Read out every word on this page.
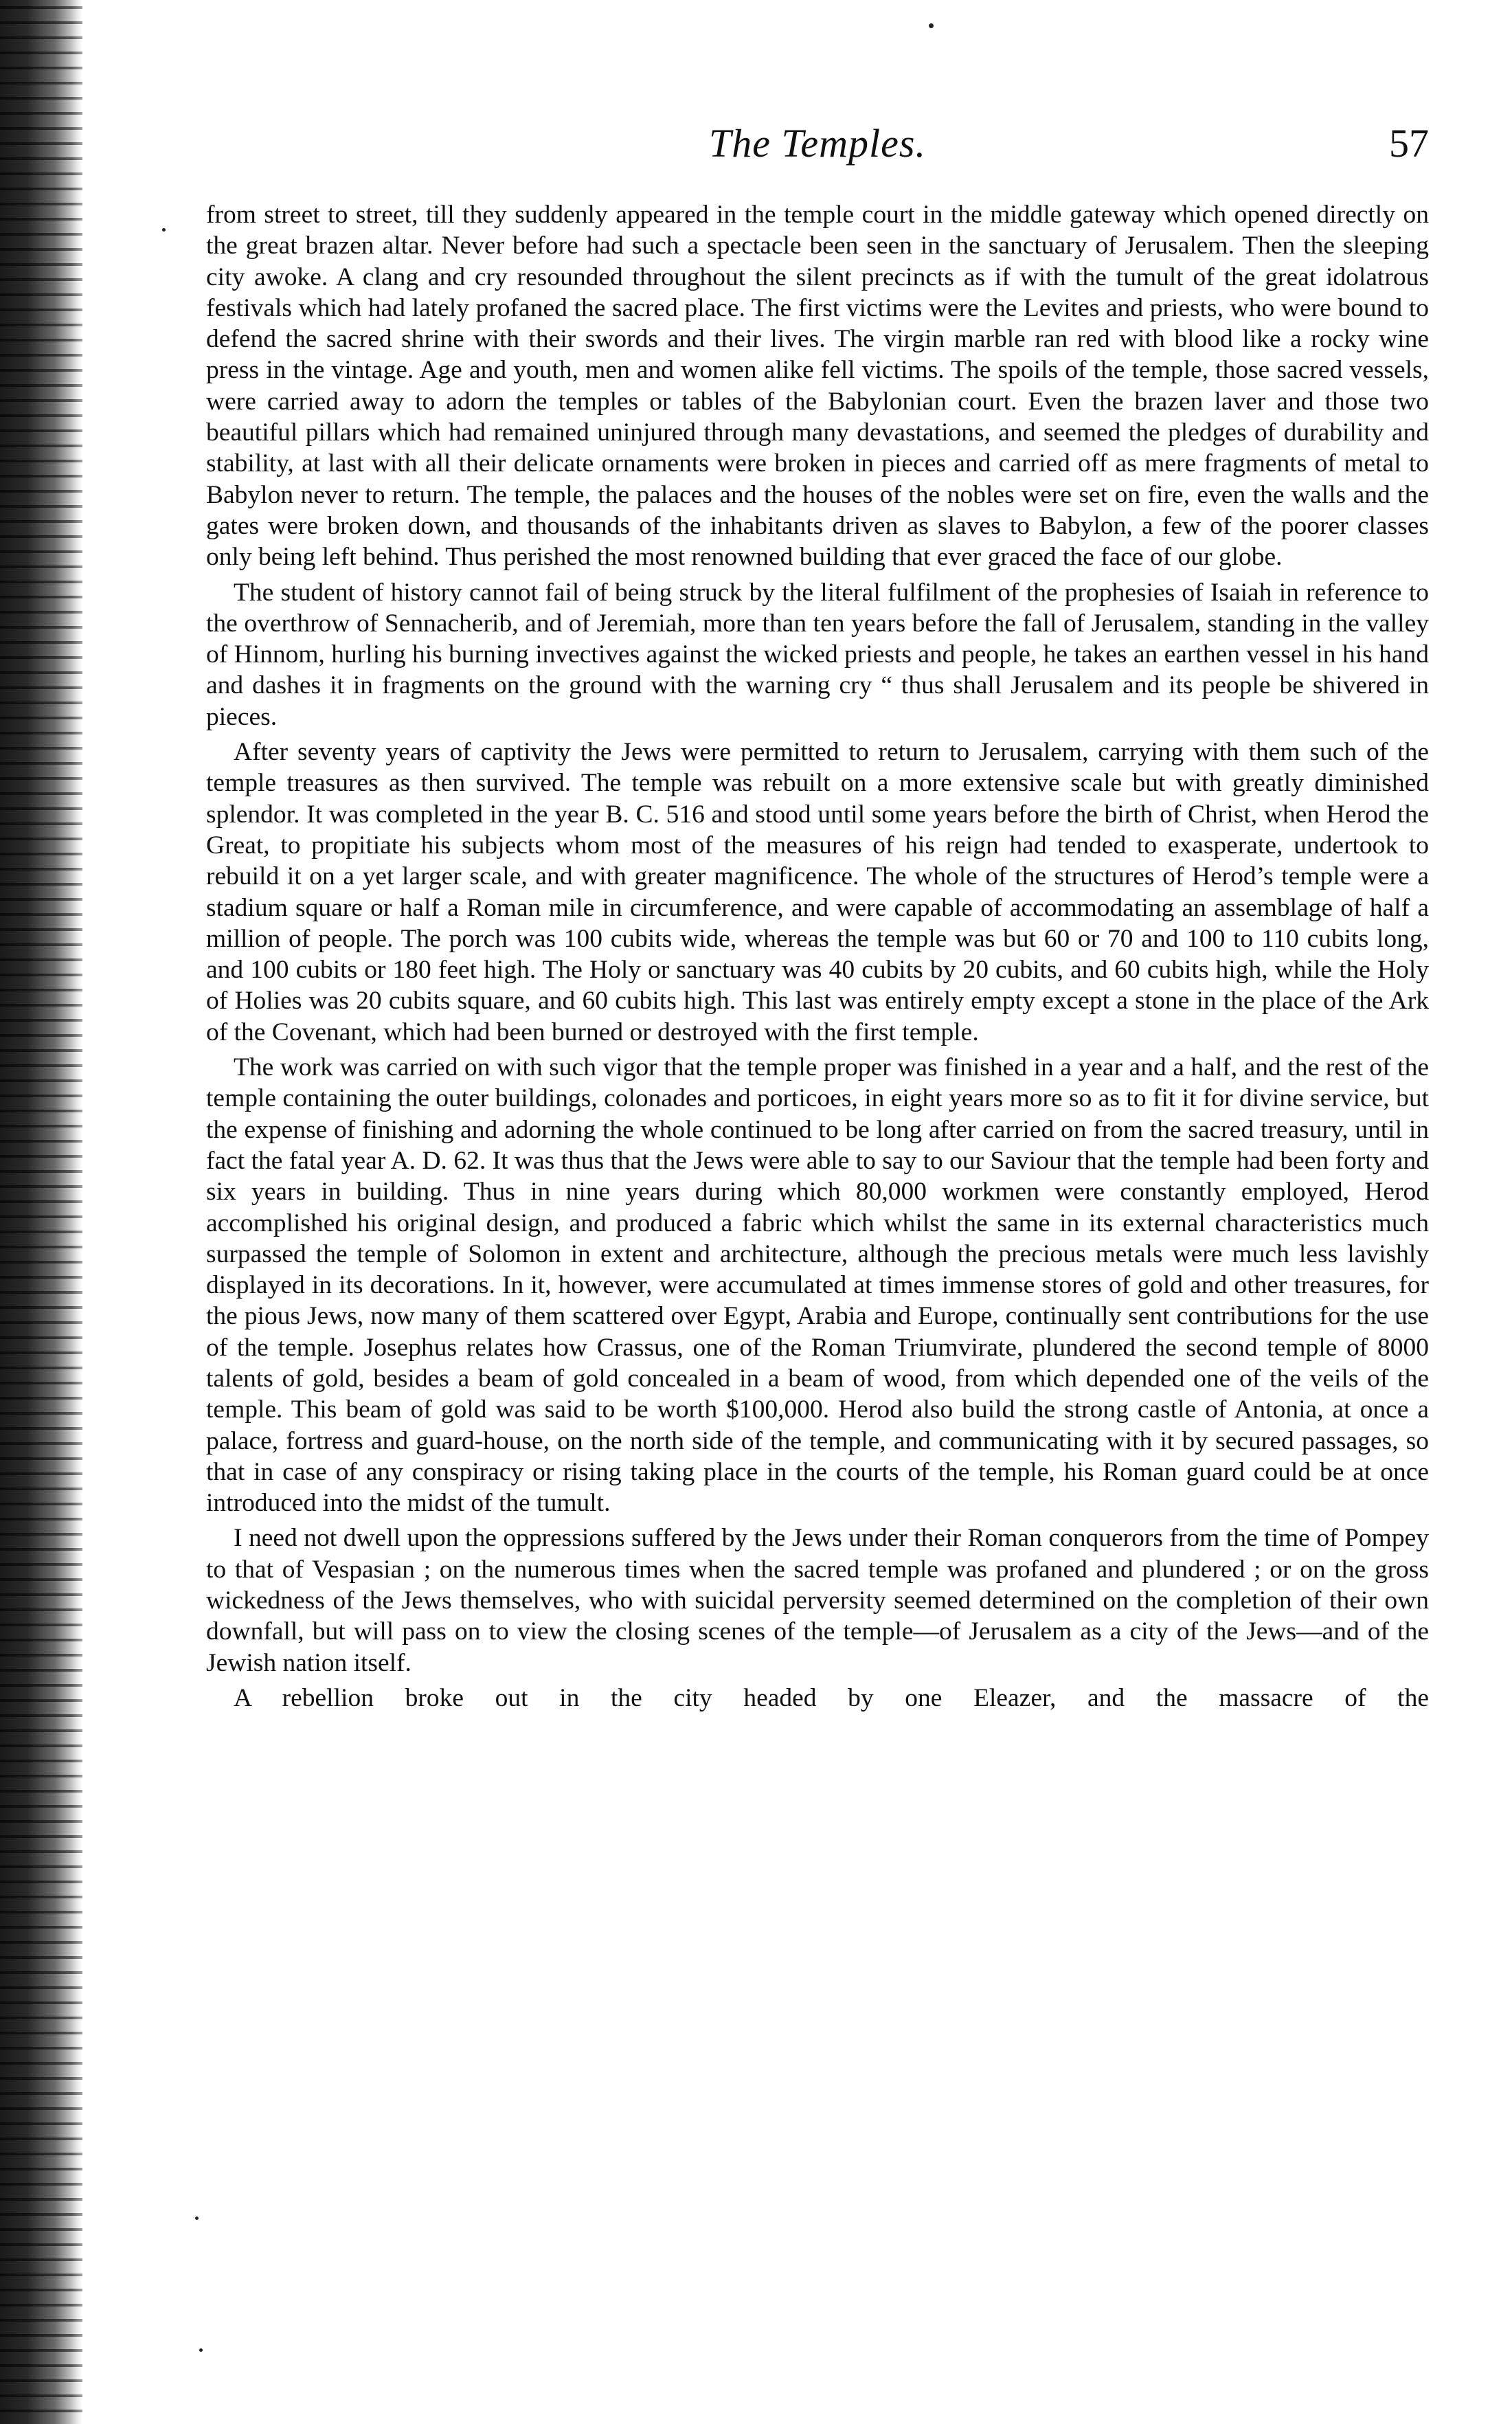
The Temples.	57

from street to street, till they suddenly appeared in the temple court in the middle gateway which opened directly on the great brazen altar. Never before had such a spectacle been seen in the sanctuary of Jerusalem. Then the sleeping city awoke. A clang and cry resounded throughout the silent precincts as if with the tumult of the great idolatrous festivals which had lately profaned the sacred place. The first victims were the Levites and priests, who were bound to defend the sacred shrine with their swords and their lives. The virgin marble ran red with blood like a rocky wine press in the vintage. Age and youth, men and women alike fell victims. The spoils of the temple, those sacred vessels, were carried away to adorn the temples or tables of the Babylonian court. Even the brazen laver and those two beautiful pillars which had remained uninjured through many devastations, and seemed the pledges of durability and stability, at last with all their delicate ornaments were broken in pieces and carried off as mere fragments of metal to Babylon never to return. The temple, the palaces and the houses of the nobles were set on fire, even the walls and the gates were broken down, and thousands of the inhabitants driven as slaves to Babylon, a few of the poorer classes only being left behind. Thus perished the most renowned building that ever graced the face of our globe.

The student of history cannot fail of being struck by the literal fulfilment of the prophesies of Isaiah in reference to the overthrow of Sennacherib, and of Jeremiah, more than ten years before the fall of Jerusalem, standing in the valley of Hinnom, hurling his burning invectives against the wicked priests and people, he takes an earthen vessel in his hand and dashes it in fragments on the ground with the warning cry “ thus shall Jerusalem and its people be shivered in pieces.

After seventy years of captivity the Jews were permitted to return to Jerusalem, carrying with them such of the temple treasures as then survived. The temple was rebuilt on a more extensive scale but with greatly diminished splendor. It was completed in the year B. C. 516 and stood until some years before the birth of Christ, when Herod the Great, to propitiate his subjects whom most of the measures of his reign had tended to exasperate, undertook to rebuild it on a yet larger scale, and with greater magnificence. The whole of the structures of Herod’s temple were a stadium square or half a Roman mile in circumference, and were capable of accommodating an assemblage of half a million of people. The porch was 100 cubits wide, whereas the temple was but 60 or 70 and 100 to 110 cubits long, and 100 cubits or 180 feet high. The Holy or sanctuary was 40 cubits by 20 cubits, and 60 cubits high, while the Holy of Holies was 20 cubits square, and 60 cubits high. This last was entirely empty except a stone in the place of the Ark of the Covenant, which had been burned or destroyed with the first temple.

The work was carried on with such vigor that the temple proper was finished in a year and a half, and the rest of the temple containing the outer buildings, colonades and porticoes, in eight years more so as to fit it for divine service, but the expense of finishing and adorning the whole continued to be long after carried on from the sacred treasury, until in fact the fatal year A. D. 62. It was thus that the Jews were able to say to our Saviour that the temple had been forty and six years in building. Thus in nine years during which 80,000 workmen were constantly employed, Herod accomplished his original design, and produced a fabric which whilst the same in its external characteristics much surpassed the temple of Solomon in extent and architecture, although the precious metals were much less lavishly displayed in its decorations. In it, however, were accumulated at times immense stores of gold and other treasures, for the pious Jews, now many of them scattered over Egypt, Arabia and Europe, continually sent contributions for the use of the temple. Josephus relates how Crassus, one of the Roman Triumvirate, plundered the second temple of 8000 talents of gold, besides a beam of gold concealed in a beam of wood, from which depended one of the veils of the temple. This beam of gold was said to be worth $100,000. Herod also build the strong castle of Antonia, at once a palace, fortress and guard-house, on the north side of the temple, and communicating with it by secured passages, so that in case of any conspiracy or rising taking place in the courts of the temple, his Roman guard could be at once introduced into the midst of the tumult.

I need not dwell upon the oppressions suffered by the Jews under their Roman conquerors from the time of Pompey to that of Vespasian ; on the numerous times when the sacred temple was profaned and plundered ; or on the gross wickedness of the Jews themselves, who with suicidal perversity seemed determined on the completion of their own downfall, but will pass on to view the closing scenes of the temple—of Jerusalem as a city of the Jews—and of the Jewish nation itself.

A rebellion broke out in the city headed by one Eleazer, and the massacre of the
